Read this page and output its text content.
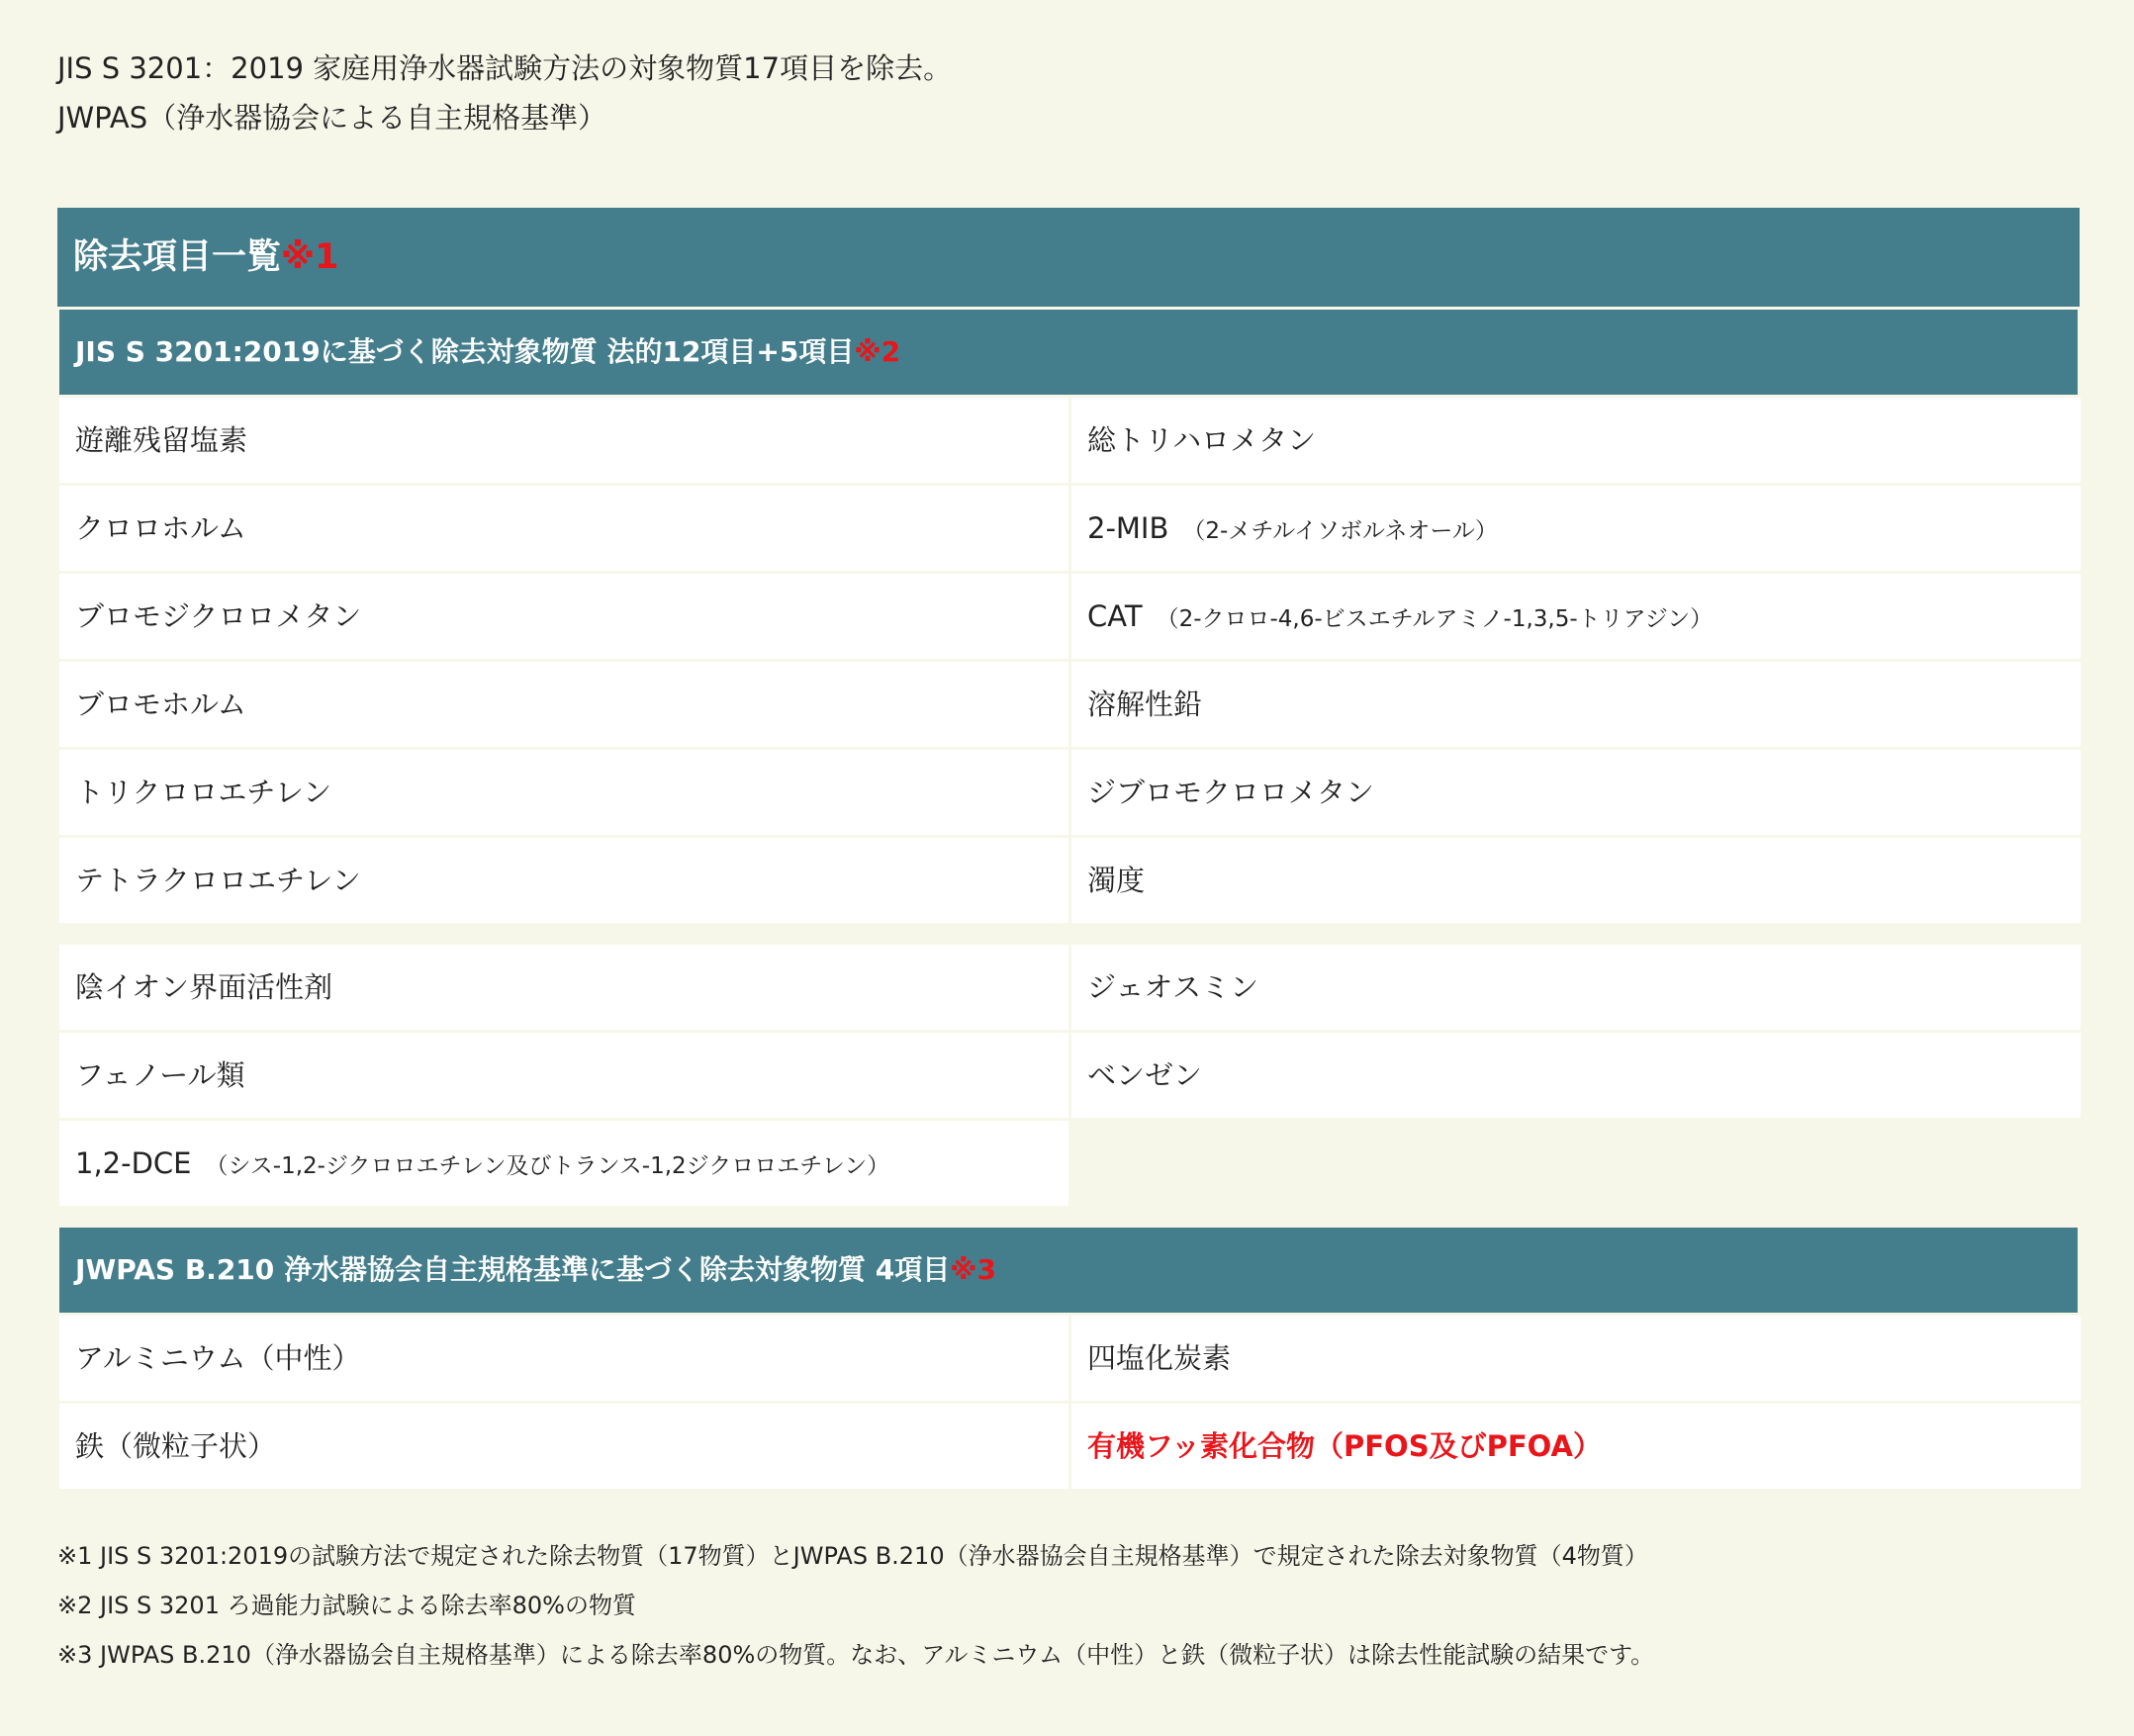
JIS S 3201：2019 家庭用浄水器試験方法の対象物質17項目を除去。

JWPAS（浄水器協会による自主規格基準）

除去項目一覧※1
JIS S 3201:2019に基づく除去対象物質 法的12項目+5項目※2
遊離残留塩素	総トリハロメタン
クロロホルム	2-MIB （2-メチルイソボルネオール）
ブロモジクロロメタン	CAT （2-クロロ-4,6-ビスエチルアミノ-1,3,5-トリアジン）
ブロモホルム	溶解性鉛
トリクロロエチレン	ジブロモクロロメタン
テトラクロロエチレン	濁度
陰イオン界面活性剤	ジェオスミン
フェノール類	ベンゼン
1,2-DCE （シス-1,2-ジクロロエチレン及びトランス-1,2ジクロロエチレン）
JWPAS B.210 浄水器協会自主規格基準に基づく除去対象物質 4項目※3
アルミニウム（中性）	四塩化炭素
鉄（微粒子状）	有機フッ素化合物（PFOS及びPFOA）

※1 JIS S 3201:2019の試験方法で規定された除去物質（17物質）とJWPAS B.210（浄水器協会自主規格基準）で規定された除去対象物質（4物質）

※2 JIS S 3201 ろ過能力試験による除去率80%の物質

※3 JWPAS B.210（浄水器協会自主規格基準）による除去率80%の物質。なお、アルミニウム（中性）と鉄（微粒子状）は除去性能試験の結果です。
